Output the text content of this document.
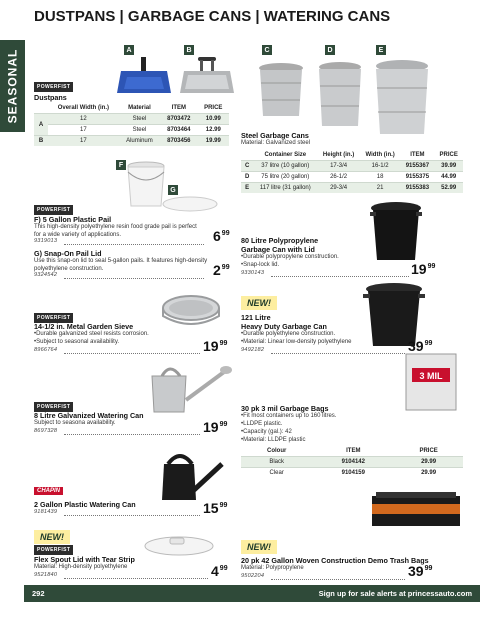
SEASONAL
DUSTPANS | GARBAGE CANS | WATERING CANS
A	B
POWERFIST
Dustpans
	Overall Width (in.)	Material	ITEM	PRICE
A	12	Steel	8703472	10.99
	17	Steel	8703464	12.99
B	17	Aluminum	8703456	19.99
C	D	E
Steel Garbage Cans
Material: Galvanized steel
	Container Size	Height (in.)	Width (in.)	ITEM	PRICE
C	37 litre (10 gallon)	17-3/4	16-1/2	9155367	39.99
D	75 litre (20 gallon)	26-1/2	18	9155375	44.99
E	117 litre (31 gallon)	29-3/4	21	9155383	52.99
F
G
POWERFIST
F) 5 Gallon Plastic Pail
This high-density polyethylene resin food grade pail is perfect for a wide variety of applications.
9319013	$6^{99}$
G) Snap-On Pail Lid
Use this snap-on lid to seal 5-gallon pails. It features high-density polyethylene construction.
9324542	$2^{99}$
80 Litre Polypropylene
Garbage Can with Lid
•Durable polypropylene construction.
•Snap-lock lid.
9330143	$19^{99}$
NEW!
121 Litre
Heavy Duty Garbage Can
•Durable polyethylene construction.
•Material: Linear low-density polyethylene
9492182	$39^{99}$
POWERFIST
14-1/2 in. Metal Garden Sieve
•Durable galvanized steel resists corrosion.
•Subject to seasonal availability.
8966764	$19^{99}$
POWERFIST
8 Litre Galvanized Watering Can
Subject to seasona availability.
8697328	$19^{99}$
3 MIL
30 pk 3 mil Garbage Bags
•Fit most containers up to 160 litres.
•LLDPE plastic.
•Capacity (gal.): 42
•Material: LLDPE plastic
Colour	ITEM	PRICE
Black	9104142	29.99
Clear	9104159	29.99
CHAPIN
2 Gallon Plastic Watering Can
9181439	$15^{99}$
NEW!
POWERFIST
Flex Spout Lid with Tear Strip
Material: High-density polyethylene
9521840	$4^{99}$
NEW!
20 pk 42 Gallon Woven Construction Demo Trash Bags
Material: Polypropylene
9502204	$39^{99}$
292	Sign up for sale alerts at princessauto.com
